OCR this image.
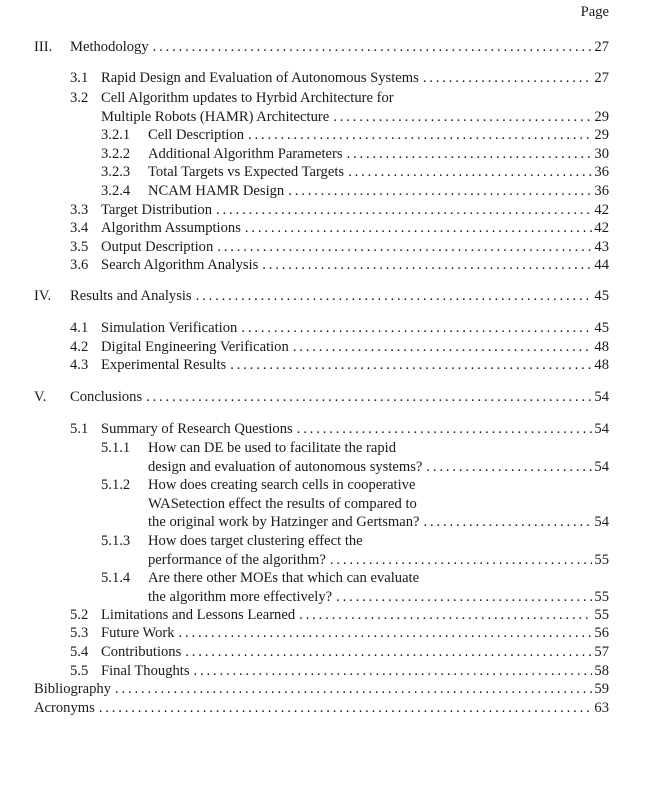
Page
III. Methodology . . .	27
3.1 Rapid Design and Evaluation of Autonomous Systems . . .	27
3.2 Cell Algorithm updates to Hyrbid Architecture for
Multiple Robots (HAMR) Architecture . . .	29
3.2.1 Cell Description . . .	29
3.2.2 Additional Algorithm Parameters . . .	30
3.2.3 Total Targets vs Expected Targets . . .	36
3.2.4 NCAM HAMR Design . . .	36
3.3 Target Distribution . . .	42
3.4 Algorithm Assumptions . . .	42
3.5 Output Description . . .	43
3.6 Search Algorithm Analysis . . .	44
IV. Results and Analysis . . .	45
4.1 Simulation Verification . . .	45
4.2 Digital Engineering Verification . . .	48
4.3 Experimental Results . . .	48
V. Conclusions . . .	54
5.1 Summary of Research Questions . . .	54
5.1.1 How can DE be used to facilitate the rapid
design and evaluation of autonomous systems? . . .	54
5.1.2 How does creating search cells in cooperative
WASetection effect the results of compared to
the original work by Hatzinger and Gertsman? . . .	54
5.1.3 How does target clustering effect the
performance of the algorithm? . . .	55
5.1.4 Are there other MOEs that which can evaluate
the algorithm more effectively? . . .	55
5.2 Limitations and Lessons Learned . . .	55
5.3 Future Work . . .	56
5.4 Contributions . . .	57
5.5 Final Thoughts . . .	58
Bibliography . . .	59
Acronyms . . .	63
